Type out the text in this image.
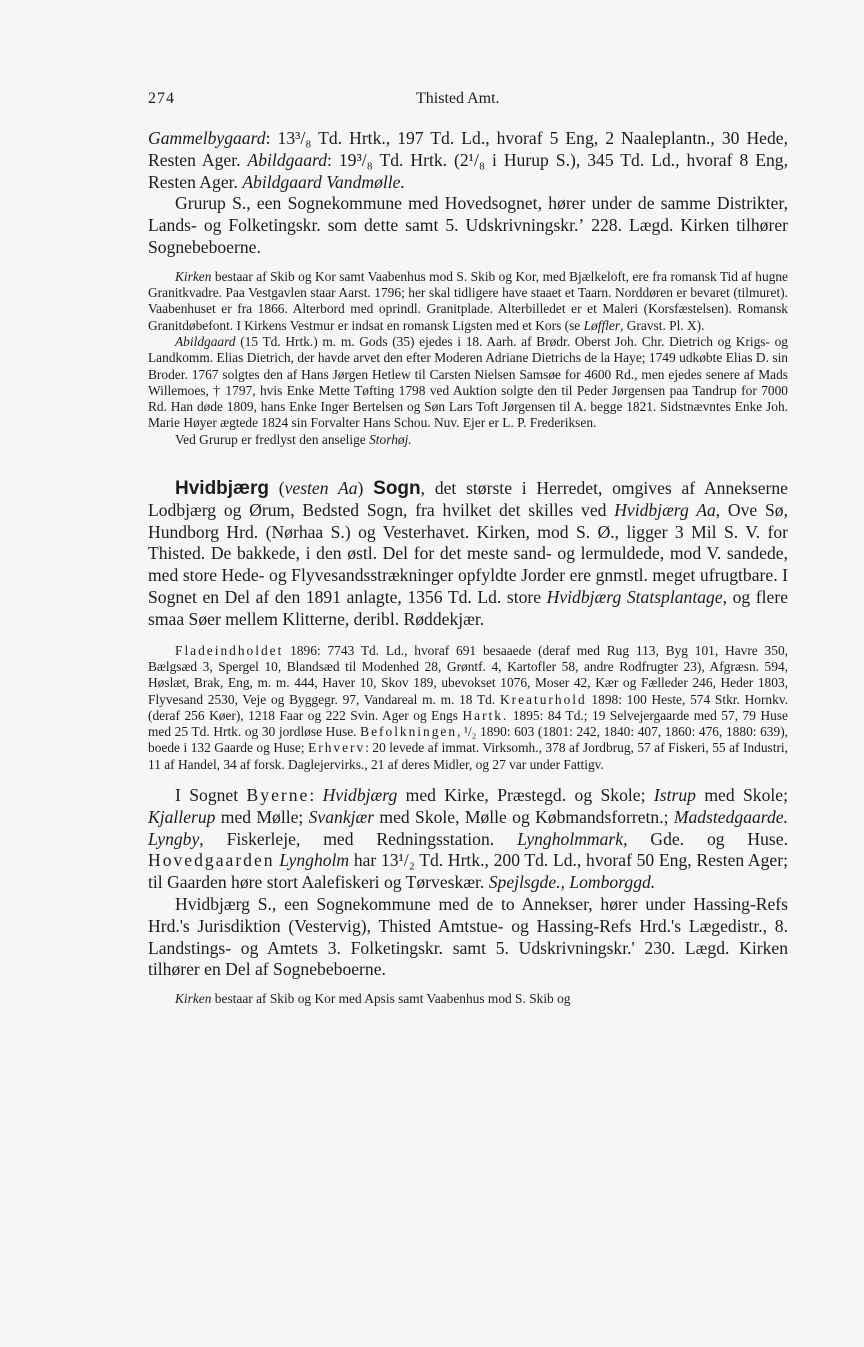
274	Thisted Amt.

Gammelbygaard: 13³/₈ Td. Hrtk., 197 Td. Ld., hvoraf 5 Eng, 2 Naaleplantn., 30 Hede, Resten Ager. Abildgaard: 19³/₈ Td. Hrtk. (2¹/₈ i Hurup S.), 345 Td. Ld., hvoraf 8 Eng, Resten Ager. Abildgaard Vandmølle.

Grurup S., een Sognekommune med Hovedsognet, hører under de samme Distrikter, Lands- og Folketingskr. som dette samt 5. Udskrivningskr.ʼ 228. Lægd. Kirken tilhører Sognebeboerne.

Kirken bestaar af Skib og Kor samt Vaabenhus mod S. Skib og Kor, med Bjælkeloft, ere fra romansk Tid af hugne Granitkvadre. Paa Vestgavlen staar Aarst. 1796; her skal tidligere have staaet et Taarn. Norddøren er bevaret (tilmuret). Vaabenhuset er fra 1866. Alterbord med oprindl. Granitplade. Alterbilledet er et Maleri (Korsfæstelsen). Romansk Granitdøbefont. I Kirkens Vestmur er indsat en romansk Ligsten med et Kors (se Løffler, Gravst. Pl. X).

Abildgaard (15 Td. Hrtk.) m. m. Gods (35) ejedes i 18. Aarh. af Brødr. Oberst Joh. Chr. Dietrich og Krigs- og Landkomm. Elias Dietrich, der havde arvet den efter Moderen Adriane Dietrichs de la Haye; 1749 udkøbte Elias D. sin Broder. 1767 solgtes den af Hans Jørgen Hetlew til Carsten Nielsen Samsøe for 4600 Rd., men ejedes senere af Mads Willemoes, † 1797, hvis Enke Mette Tøfting 1798 ved Auktion solgte den til Peder Jørgensen paa Tandrup for 7000 Rd. Han døde 1809, hans Enke Inger Bertelsen og Søn Lars Toft Jørgensen til A. begge 1821. Sidstnævntes Enke Joh. Marie Høyer ægtede 1824 sin Forvalter Hans Schou. Nuv. Ejer er L. P. Frederiksen.

Ved Grurup er fredlyst den anselige Storhøj.

Hvidbjærg (vesten Aa) Sogn, det største i Herredet, omgives af Annekserne Lodbjærg og Ørum, Bedsted Sogn, fra hvilket det skilles ved Hvidbjærg Aa, Ove Sø, Hundborg Hrd. (Nørhaa S.) og Vesterhavet. Kirken, mod S. Ø., ligger 3 Mil S. V. for Thisted. De bakkede, i den østl. Del for det meste sand- og lermuldede, mod V. sandede, med store Hede- og Flyvesandsstrækninger opfyldte Jorder ere gnmstl. meget ufrugtbare. I Sognet en Del af den 1891 anlagte, 1356 Td. Ld. store Hvidbjærg Statsplantage, og flere smaa Søer mellem Klitterne, deribl. Røddekjær.

Fladeindholdet 1896: 7743 Td. Ld., hvoraf 691 besaaede (deraf med Rug 113, Byg 101, Havre 350, Bælgsæd 3, Spergel 10, Blandsæd til Modenhed 28, Grøntf. 4, Kartofler 58, andre Rodfrugter 23), Afgræsn. 594, Høslæt, Brak, Eng, m. m. 444, Haver 10, Skov 189, ubevokset 1076, Moser 42, Kær og Fælleder 246, Heder 1803, Flyvesand 2530, Veje og Byggegr. 97, Vandareal m. m. 18 Td. Kreaturhold 1898: 100 Heste, 574 Stkr. Hornkv. (deraf 256 Køer), 1218 Faar og 222 Svin. Ager og Engs Hartk. 1895: 84 Td.; 19 Selvejergaarde med 57, 79 Huse med 25 Td. Hrtk. og 30 jordløse Huse. Befolkningen, ¹/₂ 1890: 603 (1801: 242, 1840: 407, 1860: 476, 1880: 639), boede i 132 Gaarde og Huse; Erhverv: 20 levede af immat. Virksomh., 378 af Jordbrug, 57 af Fiskeri, 55 af Industri, 11 af Handel, 34 af forsk. Daglejervirks., 21 af deres Midler, og 27 var under Fattigv.

I Sognet Byerne: Hvidbjærg med Kirke, Præstegd. og Skole; Istrup med Skole; Kjallerup med Mølle; Svankjær med Skole, Mølle og Købmandsforretn.; Madstedgaarde. Lyngby, Fiskerleje, med Redningsstation. Lyngholmmark, Gde. og Huse. Hovedgaarden Lyngholm har 13¹/₂ Td. Hrtk., 200 Td. Ld., hvoraf 50 Eng, Resten Ager; til Gaarden høre stort Aalefiskeri og Tørveskær. Spejlsgde., Lomborggd.

Hvidbjærg S., een Sognekommune med de to Annekser, hører under Hassing-Refs Hrd.'s Jurisdiktion (Vestervig), Thisted Amtstue- og Hassing-Refs Hrd.'s Lægedistr., 8. Landstings- og Amtets 3. Folketingskr. samt 5. Udskrivningskr.' 230. Lægd. Kirken tilhører en Del af Sognebeboerne.

Kirken bestaar af Skib og Kor med Apsis samt Vaabenhus mod S. Skib og
